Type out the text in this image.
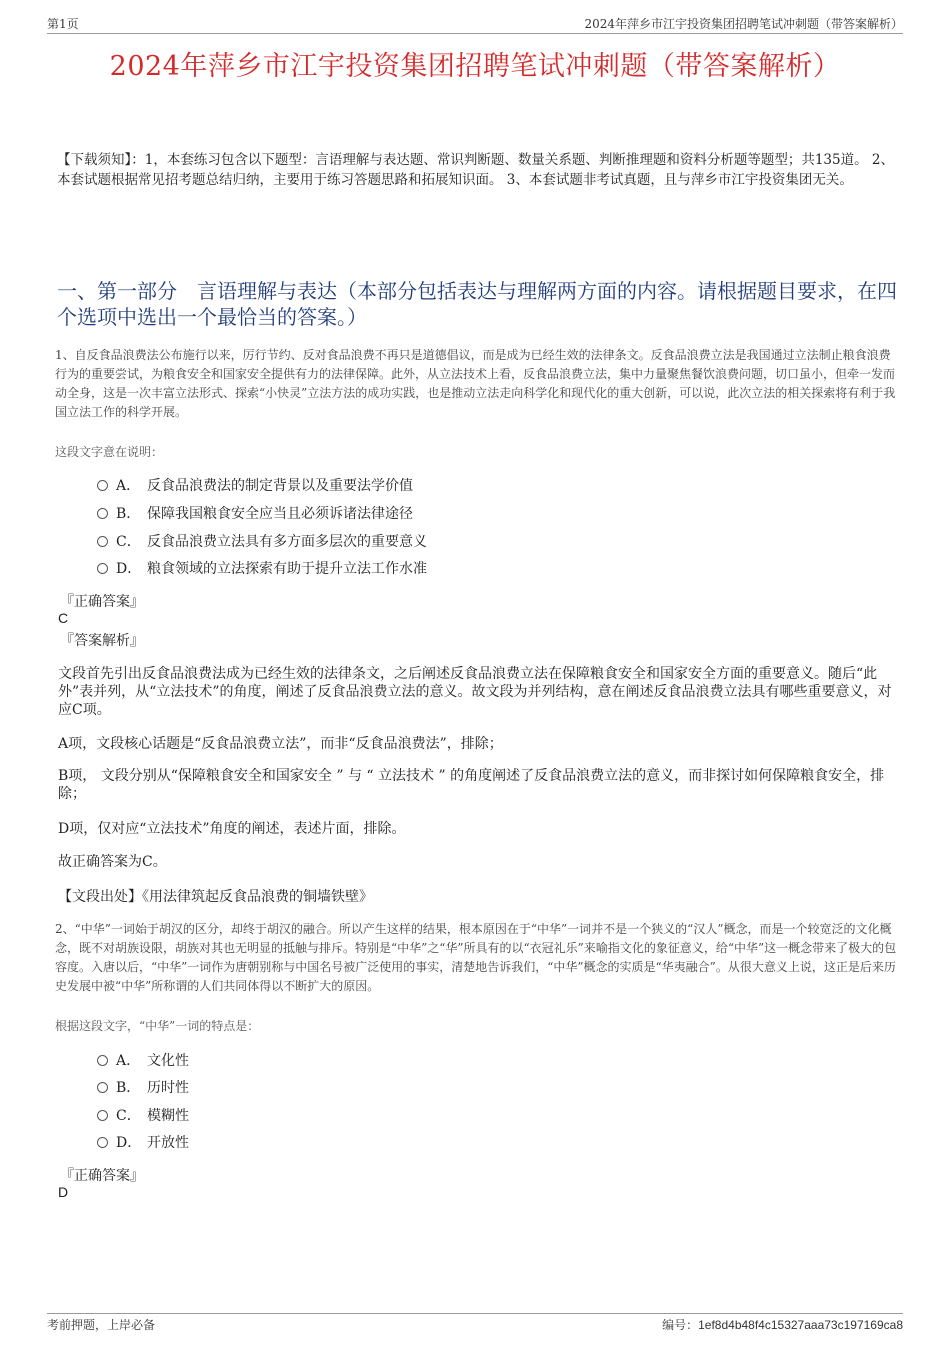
第1页	2024年萍乡市江宇投资集团招聘笔试冲刺题（带答案解析）
2024年萍乡市江宇投资集团招聘笔试冲刺题（带答案解析）
【下载须知】：1，本套练习包含以下题型：言语理解与表达题、常识判断题、数量关系题、判断推理题和资料分析题等题型；共135道。 2、本套试题根据常见招考题总结归纳，主要用于练习答题思路和拓展知识面。 3、本套试题非考试真题，且与萍乡市江宇投资集团无关。
一、第一部分　言语理解与表达（本部分包括表达与理解两方面的内容。请根据题目要求，在四个选项中选出一个最恰当的答案。）
1、自反食品浪费法公布施行以来，厉行节约、反对食品浪费不再只是道德倡议，而是成为已经生效的法律条文。反食品浪费立法是我国通过立法制止粮食浪费行为的重要尝试，为粮食安全和国家安全提供有力的法律保障。此外，从立法技术上看，反食品浪费立法，集中力量聚焦餐饮浪费问题，切口虽小，但牵一发而动全身，这是一次丰富立法形式、探索“小快灵”立法方法的成功实践，也是推动立法走向科学化和现代化的重大创新，可以说，此次立法的相关探索将有利于我国立法工作的科学开展。
这段文字意在说明：
A． 反食品浪费法的制定背景以及重要法学价值
B． 保障我国粮食安全应当且必须诉诸法律途径
C． 反食品浪费立法具有多方面多层次的重要意义
D． 粮食领域的立法探索有助于提升立法工作水准
『正确答案』
C
『答案解析』
文段首先引出反食品浪费法成为已经生效的法律条文，之后阐述反食品浪费立法在保障粮食安全和国家安全方面的重要意义。随后“此外”表并列，从“立法技术”的角度，阐述了反食品浪费立法的意义。故文段为并列结构，意在阐述反食品浪费立法具有哪些重要意义，对应C项。
A项，文段核心话题是“反食品浪费立法”，而非“反食品浪费法”，排除；
B项， 文段分别从“保障粮食安全和国家安全 ” 与 “ 立法技术 ” 的角度阐述了反食品浪费立法的意义，而非探讨如何保障粮食安全，排除；
D项，仅对应“立法技术”角度的阐述，表述片面，排除。
故正确答案为C。
【文段出处】《用法律筑起反食品浪费的铜墙铁壁》
2、“中华”一词始于胡汉的区分，却终于胡汉的融合。所以产生这样的结果，根本原因在于“中华”一词并不是一个狭义的“汉人”概念，而是一个较宽泛的文化概念，既不对胡族设限，胡族对其也无明显的抵触与排斥。特别是“中华”之“华”所具有的以“衣冠礼乐”来喻指文化的象征意义，给“中华”这一概念带来了极大的包容度。入唐以后，“中华”一词作为唐朝别称与中国名号被广泛使用的事实，清楚地告诉我们，“中华”概念的实质是“华夷融合”。从很大意义上说，这正是后来历史发展中被“中华”所称谓的人们共同体得以不断扩大的原因。
根据这段文字，“中华”一词的特点是：
A． 文化性
B． 历时性
C． 模糊性
D． 开放性
『正确答案』
D
考前押题，上岸必备	编号：1ef8d4b48f4c15327aaa73c197169ca8
